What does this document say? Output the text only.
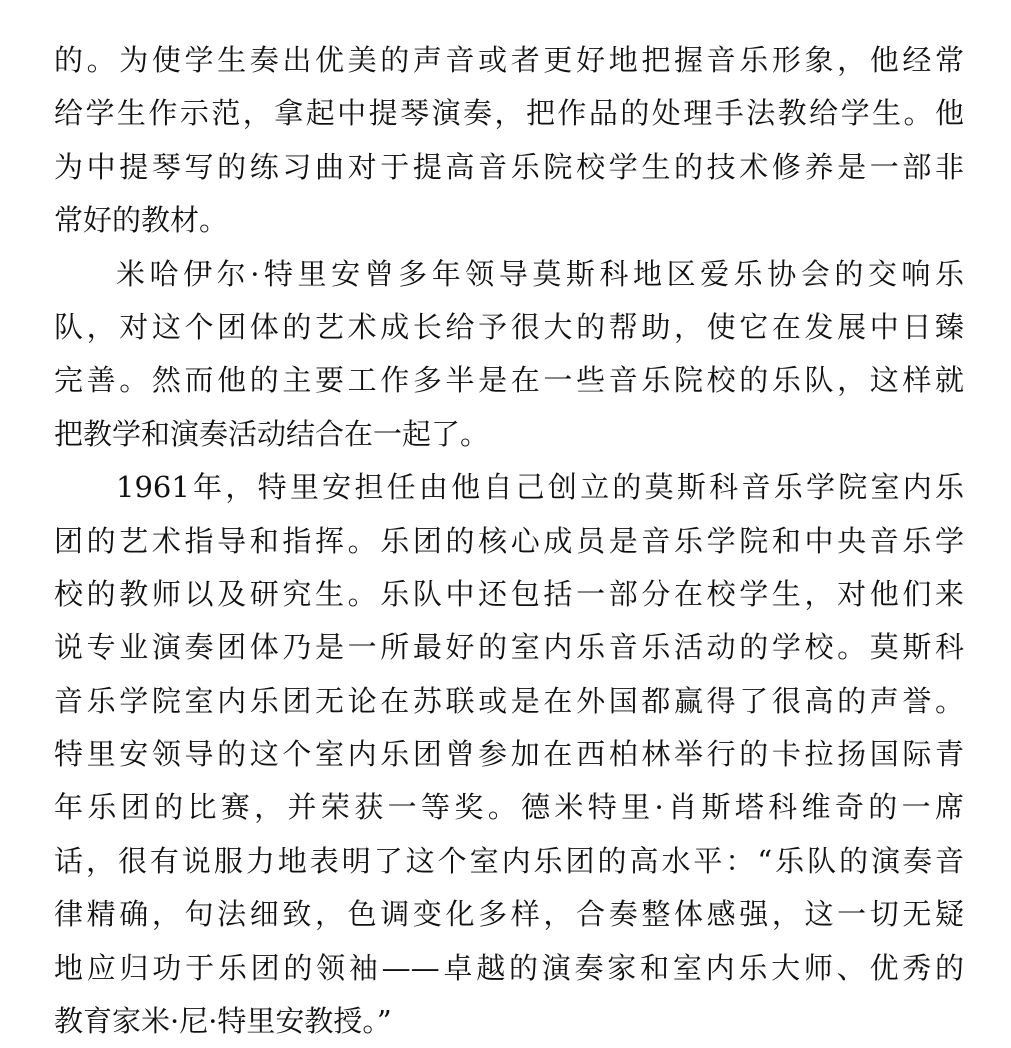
的。为使学生奏出优美的声音或者更好地把握音乐形象，他经常
给学生作示范，拿起中提琴演奏，把作品的处理手法教给学生。他
为中提琴写的练习曲对于提高音乐院校学生的技术修养是一部非
常好的教材。
米哈伊尔·特里安曾多年领导莫斯科地区爱乐协会的交响乐
队，对这个团体的艺术成长给予很大的帮助，使它在发展中日臻
完善。然而他的主要工作多半是在一些音乐院校的乐队，这样就
把教学和演奏活动结合在一起了。
1961年，特里安担任由他自己创立的莫斯科音乐学院室内乐
团的艺术指导和指挥。乐团的核心成员是音乐学院和中央音乐学
校的教师以及研究生。乐队中还包括一部分在校学生，对他们来
说专业演奏团体乃是一所最好的室内乐音乐活动的学校。莫斯科
音乐学院室内乐团无论在苏联或是在外国都赢得了很高的声誉。
特里安领导的这个室内乐团曾参加在西柏林举行的卡拉扬国际青
年乐团的比赛，并荣获一等奖。德米特里·肖斯塔科维奇的一席
话，很有说服力地表明了这个室内乐团的高水平：“乐队的演奏音
律精确，句法细致，色调变化多样，合奏整体感强，这一切无疑
地应归功于乐团的领袖——卓越的演奏家和室内乐大师、优秀的
教育家米·尼·特里安教授。”
